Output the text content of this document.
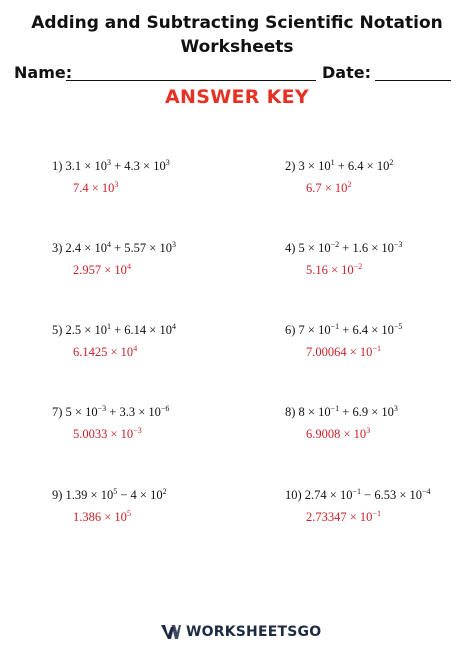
Adding and Subtracting Scientific Notation
Worksheets
Name:	Date:
ANSWER KEY
1) $3.1 \times 10^3 + 4.3 \times 10^3$
$7.4 \times 10^3$
2) $3 \times 10^1 + 6.4 \times 10^2$
$6.7 \times 10^2$
3) $2.4 \times 10^4 + 5.57 \times 10^3$
$2.957 \times 10^4$
4) $5 \times 10^{-2} + 1.6 \times 10^{-3}$
$5.16 \times 10^{-2}$
5) $2.5 \times 10^1 + 6.14 \times 10^4$
$6.1425 \times 10^4$
6) $7 \times 10^{-1} + 6.4 \times 10^{-5}$
$7.00064 \times 10^{-1}$
7) $5 \times 10^{-3} + 3.3 \times 10^{-6}$
$5.0033 \times 10^{-3}$
8) $8 \times 10^{-1} + 6.9 \times 10^3$
$6.9008 \times 10^3$
9) $1.39 \times 10^5 - 4 \times 10^2$
$1.386 \times 10^5$
10) $2.74 \times 10^{-1} - 6.53 \times 10^{-4}$
$2.73347 \times 10^{-1}$
WORKSHEETSGO
